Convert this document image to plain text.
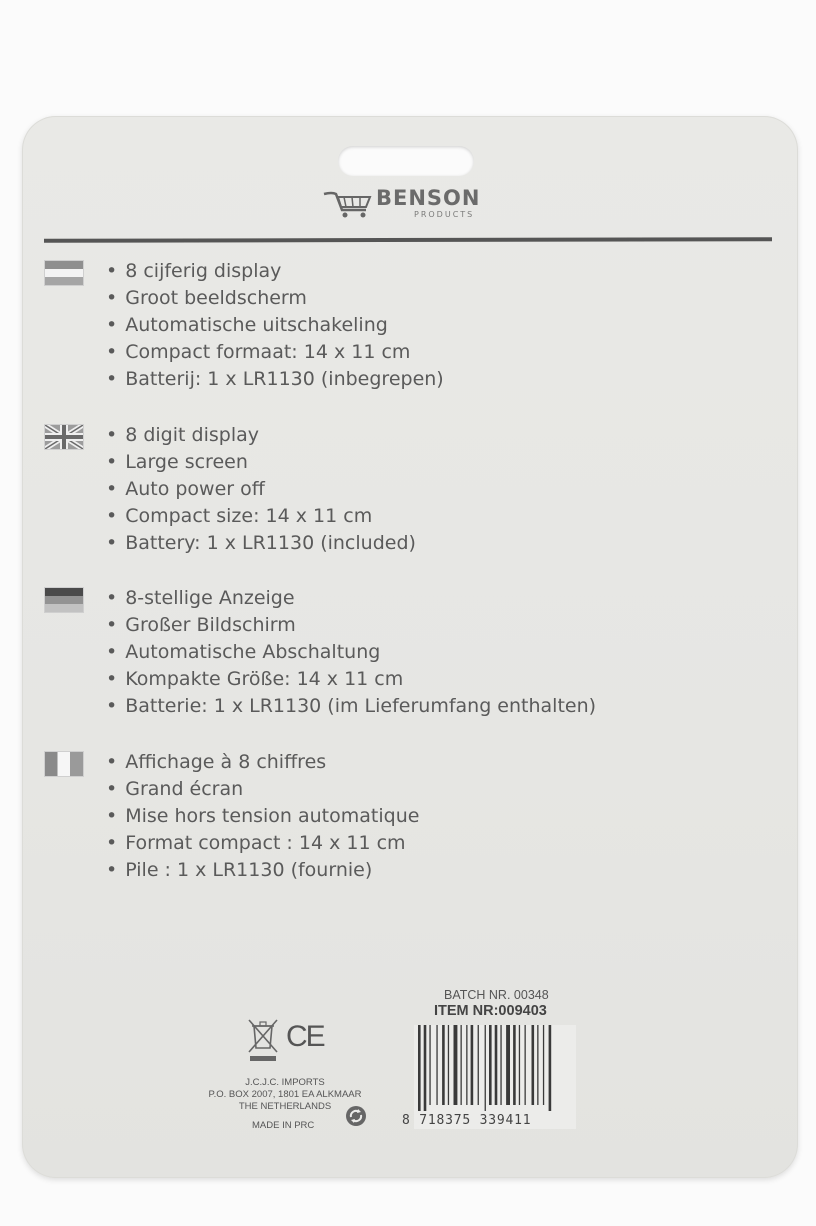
BENSON
PRODUCTS
• 8 cijferig display
• Groot beeldscherm
• Automatische uitschakeling
• Compact formaat: 14 x 11 cm
• Batterij: 1 x LR1130 (inbegrepen)
• 8 digit display
• Large screen
• Auto power off
• Compact size: 14 x 11 cm
• Battery: 1 x LR1130 (included)
• 8-stellige Anzeige
• Großer Bildschirm
• Automatische Abschaltung
• Kompakte Größe: 14 x 11 cm
• Batterie: 1 x LR1130 (im Lieferumfang enthalten)
• Affichage à 8 chiffres
• Grand écran
• Mise hors tension automatique
• Format compact : 14 x 11 cm
• Pile : 1 x LR1130 (fournie)
BATCH NR. 00348
ITEM NR:009403
8 718375 339411
CE
J.C.J.C. IMPORTS
P.O. BOX 2007, 1801 EA ALKMAAR
THE NETHERLANDS
MADE IN PRC
